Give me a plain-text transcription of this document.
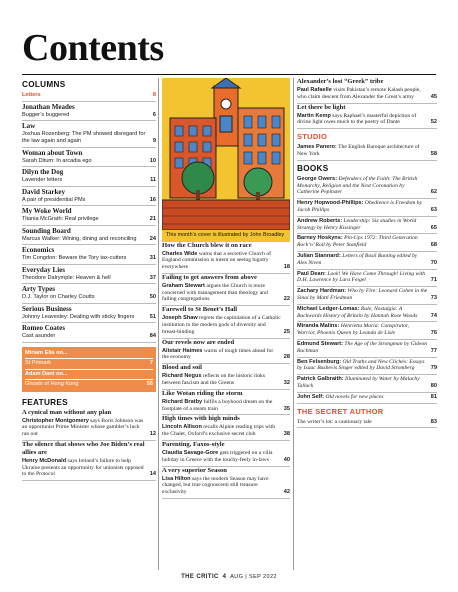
Contents
COLUMNS
Letters	8
Jonathan Meades
Bugger’s buggered	6
Law
Joshua Rozenberg: The PM showed disregard for the law again and again	9
Woman about Town
Sarah Ditum: In arcadia ego	10
Dilyn the Dog
Lavender letters	11
David Starkey
A pair of presidential PMs	16
My Woke World
Titania McGrath: Real privilege	21
Sounding Board
Marcus Walker: Wining, dining and reconciling 24
Economics
Tim Congdon: Beware the Tory tax-cutters	31
Everyday Lies
Theodore Dalrymple: Heaven & hell	37
Arty Types
D.J. Taylor on Charley Coutts	50
Serious Business
Johnny Leavesley: Dealing with sticky fingers	51
Romeo Coates
Cast asunder	84
Miriam Elia on...
St Primark	7
Adam Dant on...
Ghosts of Hong Kong	56
FEATURES
A cynical man without any plan
Christopher Montgomery says Boris Johnson was an opportunist Prime Minister whose gambler’s luck ran out	12
The silence that shows who Joe Biden’s real allies are
Henry McDonald says Ireland’s failure to help Ukraine presents an opportunity for unionists opposed to the Protocol	14
This month’s cover is illustrated by John Broadley
How the Church blew it on race
Charles Wide warns that a secretive Church of England commission is intent on seeing bigotry everywhere	18
Failing to get answers from above
Graham Stewart argues the Church is more concerned with management than theology and falling congregations	22
Farewell to St Benet’s Hall
Joseph Shaw regrets the capitulation of a Catholic institution to the modern gods of diversity and breast-binding	25
Our revels now are ended
Alistair Haimes warns of tough times ahead for the economy	28
Blood and soil
Richard Negus reflects on the historic links between fascism and the Greens	32
Like Wotan riding the storm
Richard Bratby fulfils a boyhood dream on the footplate of a steam train	35
High times with high minds
Lincoln Allison recalls Alpine reading trips with the Chalet, Oxford’s exclusive secret club	38
Parenting, Faxos-style
Claudia Savage-Gore gets triggered on a villa holiday in Greece with the touchy-feely in-laws	40
A very superior Season
Lisa Hilton says the modern Season may have changed, but true cognoscenti still treasure exclusivity	42
Alexander’s lost “Greek” tribe
Paul Rafaelle visits Pakistan’s remote Kalash people, who claim descent from Alexander the Great’s army	45
Let there be light
Martin Kemp says Raphael’s masterful depiction of divine light owes much to the poetry of Dante	52
STUDIO
James Panero: The English Baroque architecture of New York	58
BOOKS
George Owers: Defenders of the Faith: The British Monarchy, Religion and the Next Coronation by Catherine Pepinster	62
Henry Hopwood-Phillips: Obedience is Freedom by Jacob Phillips	63
Andrew Roberts: Leadership: Six studies in World Strategy by Henry Kissinger	65
Barney Hoskyns: Pin-Ups 1972: Third Generation Rock’n’ Roll by Peter Stanfield	68
Julian Stannard: Letters of Basil Bunting edited by Alex Niven	70
Paul Dean: Look! We Have Come Through! Living with D.H. Lawrence by Lara Feigel	71
Zachary Hardman: Who by Fire: Leonard Cohen in the Sinai by Matti Friedman	73
Michael Ledger-Lomas: Rule, Nostalgia: A Backwards History of Britain by Hannah Rose Woods	74
Miranda Malins: Henrietta Maria: Conspirator, Warrior, Phoenix Queen by Leanda de Lisle	76
Edmund Stewart: The Age of the Strongman by Gideon Rachman	77
Ben Felsenburg: Old Truths and New Clichés: Essays by Isaac Bashevis Singer edited by David Stromberg	79
Patrick Galbraith: Illuminated by Water by Malachy Tallack	80
John Self: Old novels for new places	81
THE SECRET AUTHOR
The writer’s lot: a cautionary tale	83
THE CRITIC 4 AUG | SEP 2022
